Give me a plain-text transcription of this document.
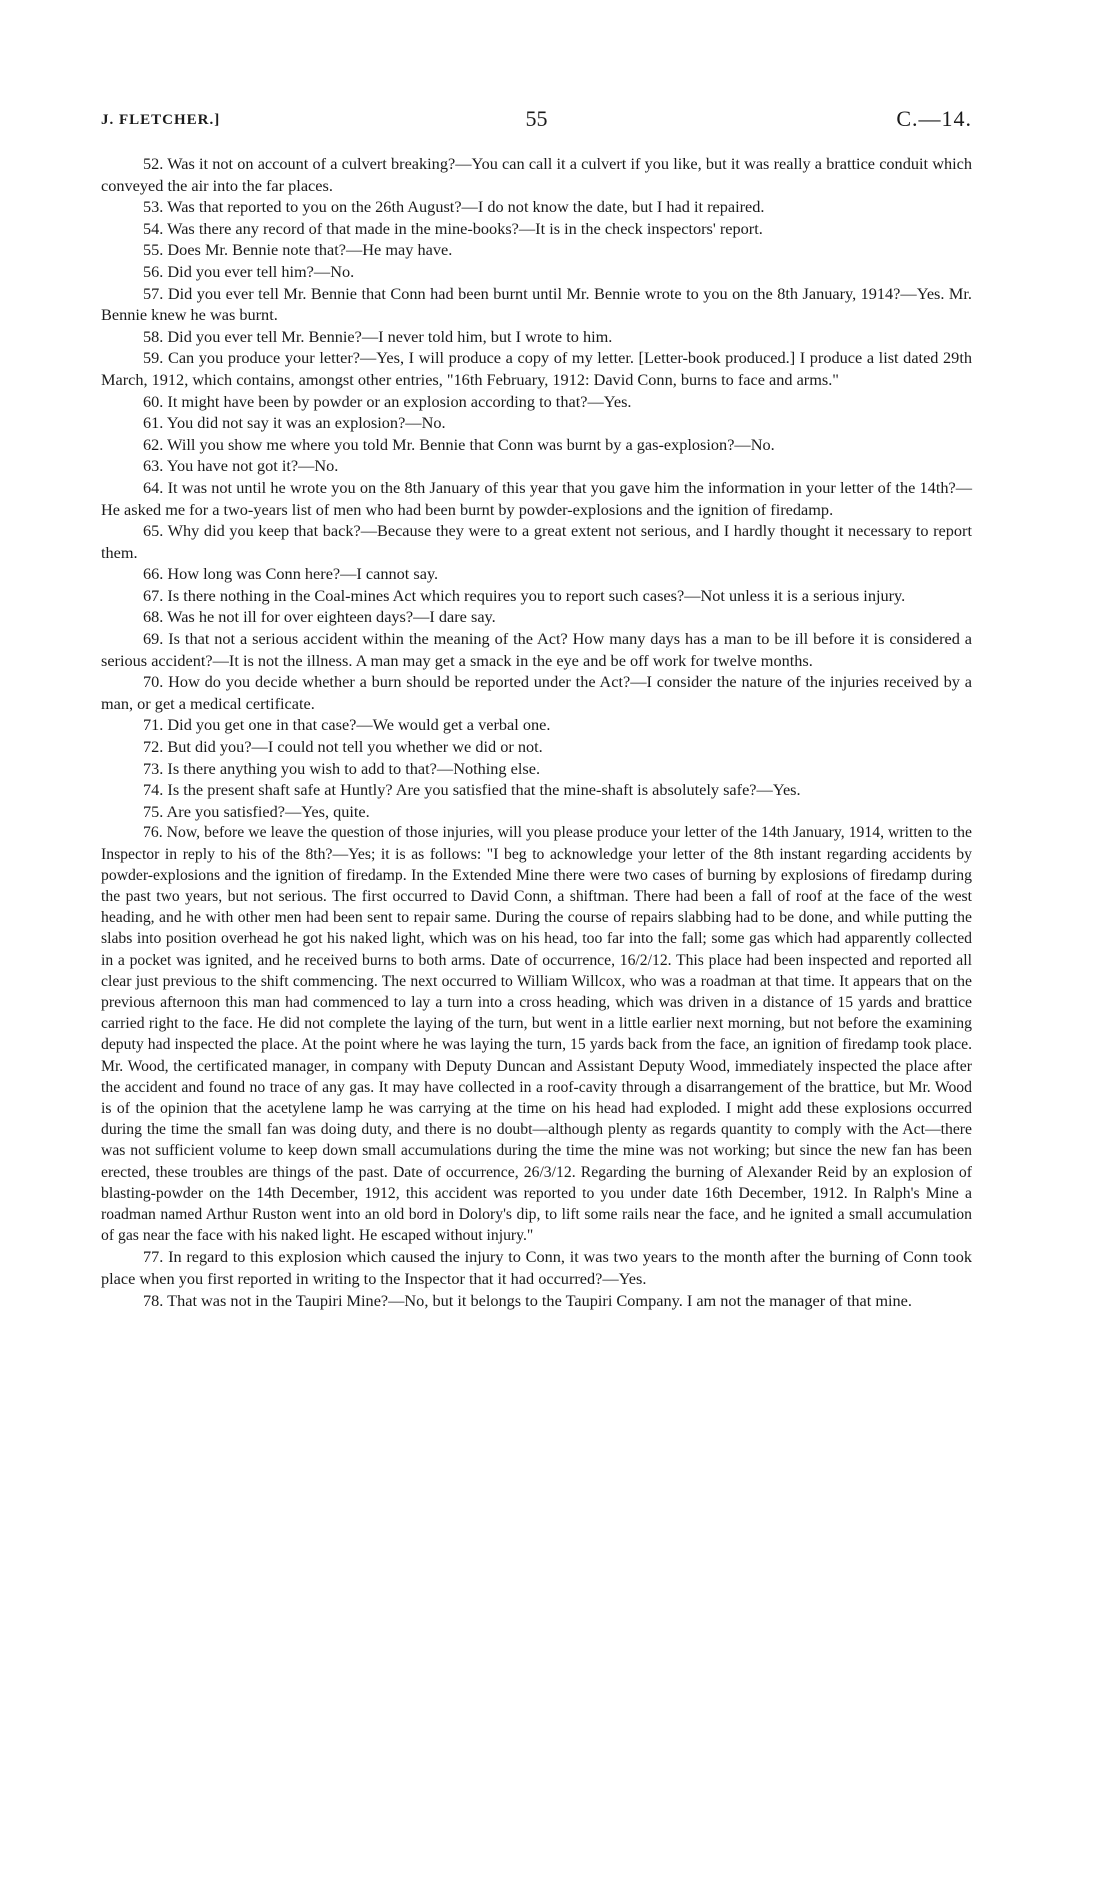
J. FLETCHER.]	55	C.—14.

52. Was it not on account of a culvert breaking?—You can call it a culvert if you like, but it was really a brattice conduit which conveyed the air into the far places.

53. Was that reported to you on the 26th August?—I do not know the date, but I had it repaired.

54. Was there any record of that made in the mine-books?—It is in the check inspectors' report.

55. Does Mr. Bennie note that?—He may have.

56. Did you ever tell him?—No.

57. Did you ever tell Mr. Bennie that Conn had been burnt until Mr. Bennie wrote to you on the 8th January, 1914?—Yes. Mr. Bennie knew he was burnt.

58. Did you ever tell Mr. Bennie?—I never told him, but I wrote to him.

59. Can you produce your letter?—Yes, I will produce a copy of my letter. [Letter-book produced.] I produce a list dated 29th March, 1912, which contains, amongst other entries, "16th February, 1912: David Conn, burns to face and arms."

60. It might have been by powder or an explosion according to that?—Yes.

61. You did not say it was an explosion?—No.

62. Will you show me where you told Mr. Bennie that Conn was burnt by a gas-explosion?—No.

63. You have not got it?—No.

64. It was not until he wrote you on the 8th January of this year that you gave him the information in your letter of the 14th?—He asked me for a two-years list of men who had been burnt by powder-explosions and the ignition of firedamp.

65. Why did you keep that back?—Because they were to a great extent not serious, and I hardly thought it necessary to report them.

66. How long was Conn here?—I cannot say.

67. Is there nothing in the Coal-mines Act which requires you to report such cases?—Not unless it is a serious injury.

68. Was he not ill for over eighteen days?—I dare say.

69. Is that not a serious accident within the meaning of the Act? How many days has a man to be ill before it is considered a serious accident?—It is not the illness. A man may get a smack in the eye and be off work for twelve months.

70. How do you decide whether a burn should be reported under the Act?—I consider the nature of the injuries received by a man, or get a medical certificate.

71. Did you get one in that case?—We would get a verbal one.

72. But did you?—I could not tell you whether we did or not.

73. Is there anything you wish to add to that?—Nothing else.

74. Is the present shaft safe at Huntly? Are you satisfied that the mine-shaft is absolutely safe?—Yes.

75. Are you satisfied?—Yes, quite.

76. Now, before we leave the question of those injuries, will you please produce your letter of the 14th January, 1914, written to the Inspector in reply to his of the 8th?—Yes; it is as follows: "I beg to acknowledge your letter of the 8th instant regarding accidents by powder-explosions and the ignition of firedamp. In the Extended Mine there were two cases of burning by explosions of firedamp during the past two years, but not serious. The first occurred to David Conn, a shiftman. There had been a fall of roof at the face of the west heading, and he with other men had been sent to repair same. During the course of repairs slabbing had to be done, and while putting the slabs into position overhead he got his naked light, which was on his head, too far into the fall; some gas which had apparently collected in a pocket was ignited, and he received burns to both arms. Date of occurrence, 16/2/12. This place had been inspected and reported all clear just previous to the shift commencing. The next occurred to William Willcox, who was a roadman at that time. It appears that on the previous afternoon this man had commenced to lay a turn into a cross heading, which was driven in a distance of 15 yards and brattice carried right to the face. He did not complete the laying of the turn, but went in a little earlier next morning, but not before the examining deputy had inspected the place. At the point where he was laying the turn, 15 yards back from the face, an ignition of firedamp took place. Mr. Wood, the certificated manager, in company with Deputy Duncan and Assistant Deputy Wood, immediately inspected the place after the accident and found no trace of any gas. It may have collected in a roof-cavity through a disarrangement of the brattice, but Mr. Wood is of the opinion that the acetylene lamp he was carrying at the time on his head had exploded. I might add these explosions occurred during the time the small fan was doing duty, and there is no doubt—although plenty as regards quantity to comply with the Act—there was not sufficient volume to keep down small accumulations during the time the mine was not working; but since the new fan has been erected, these troubles are things of the past. Date of occurrence, 26/3/12. Regarding the burning of Alexander Reid by an explosion of blasting-powder on the 14th December, 1912, this accident was reported to you under date 16th December, 1912. In Ralph's Mine a roadman named Arthur Ruston went into an old bord in Dolory's dip, to lift some rails near the face, and he ignited a small accumulation of gas near the face with his naked light. He escaped without injury."

77. In regard to this explosion which caused the injury to Conn, it was two years to the month after the burning of Conn took place when you first reported in writing to the Inspector that it had occurred?—Yes.

78. That was not in the Taupiri Mine?—No, but it belongs to the Taupiri Company. I am not the manager of that mine.
